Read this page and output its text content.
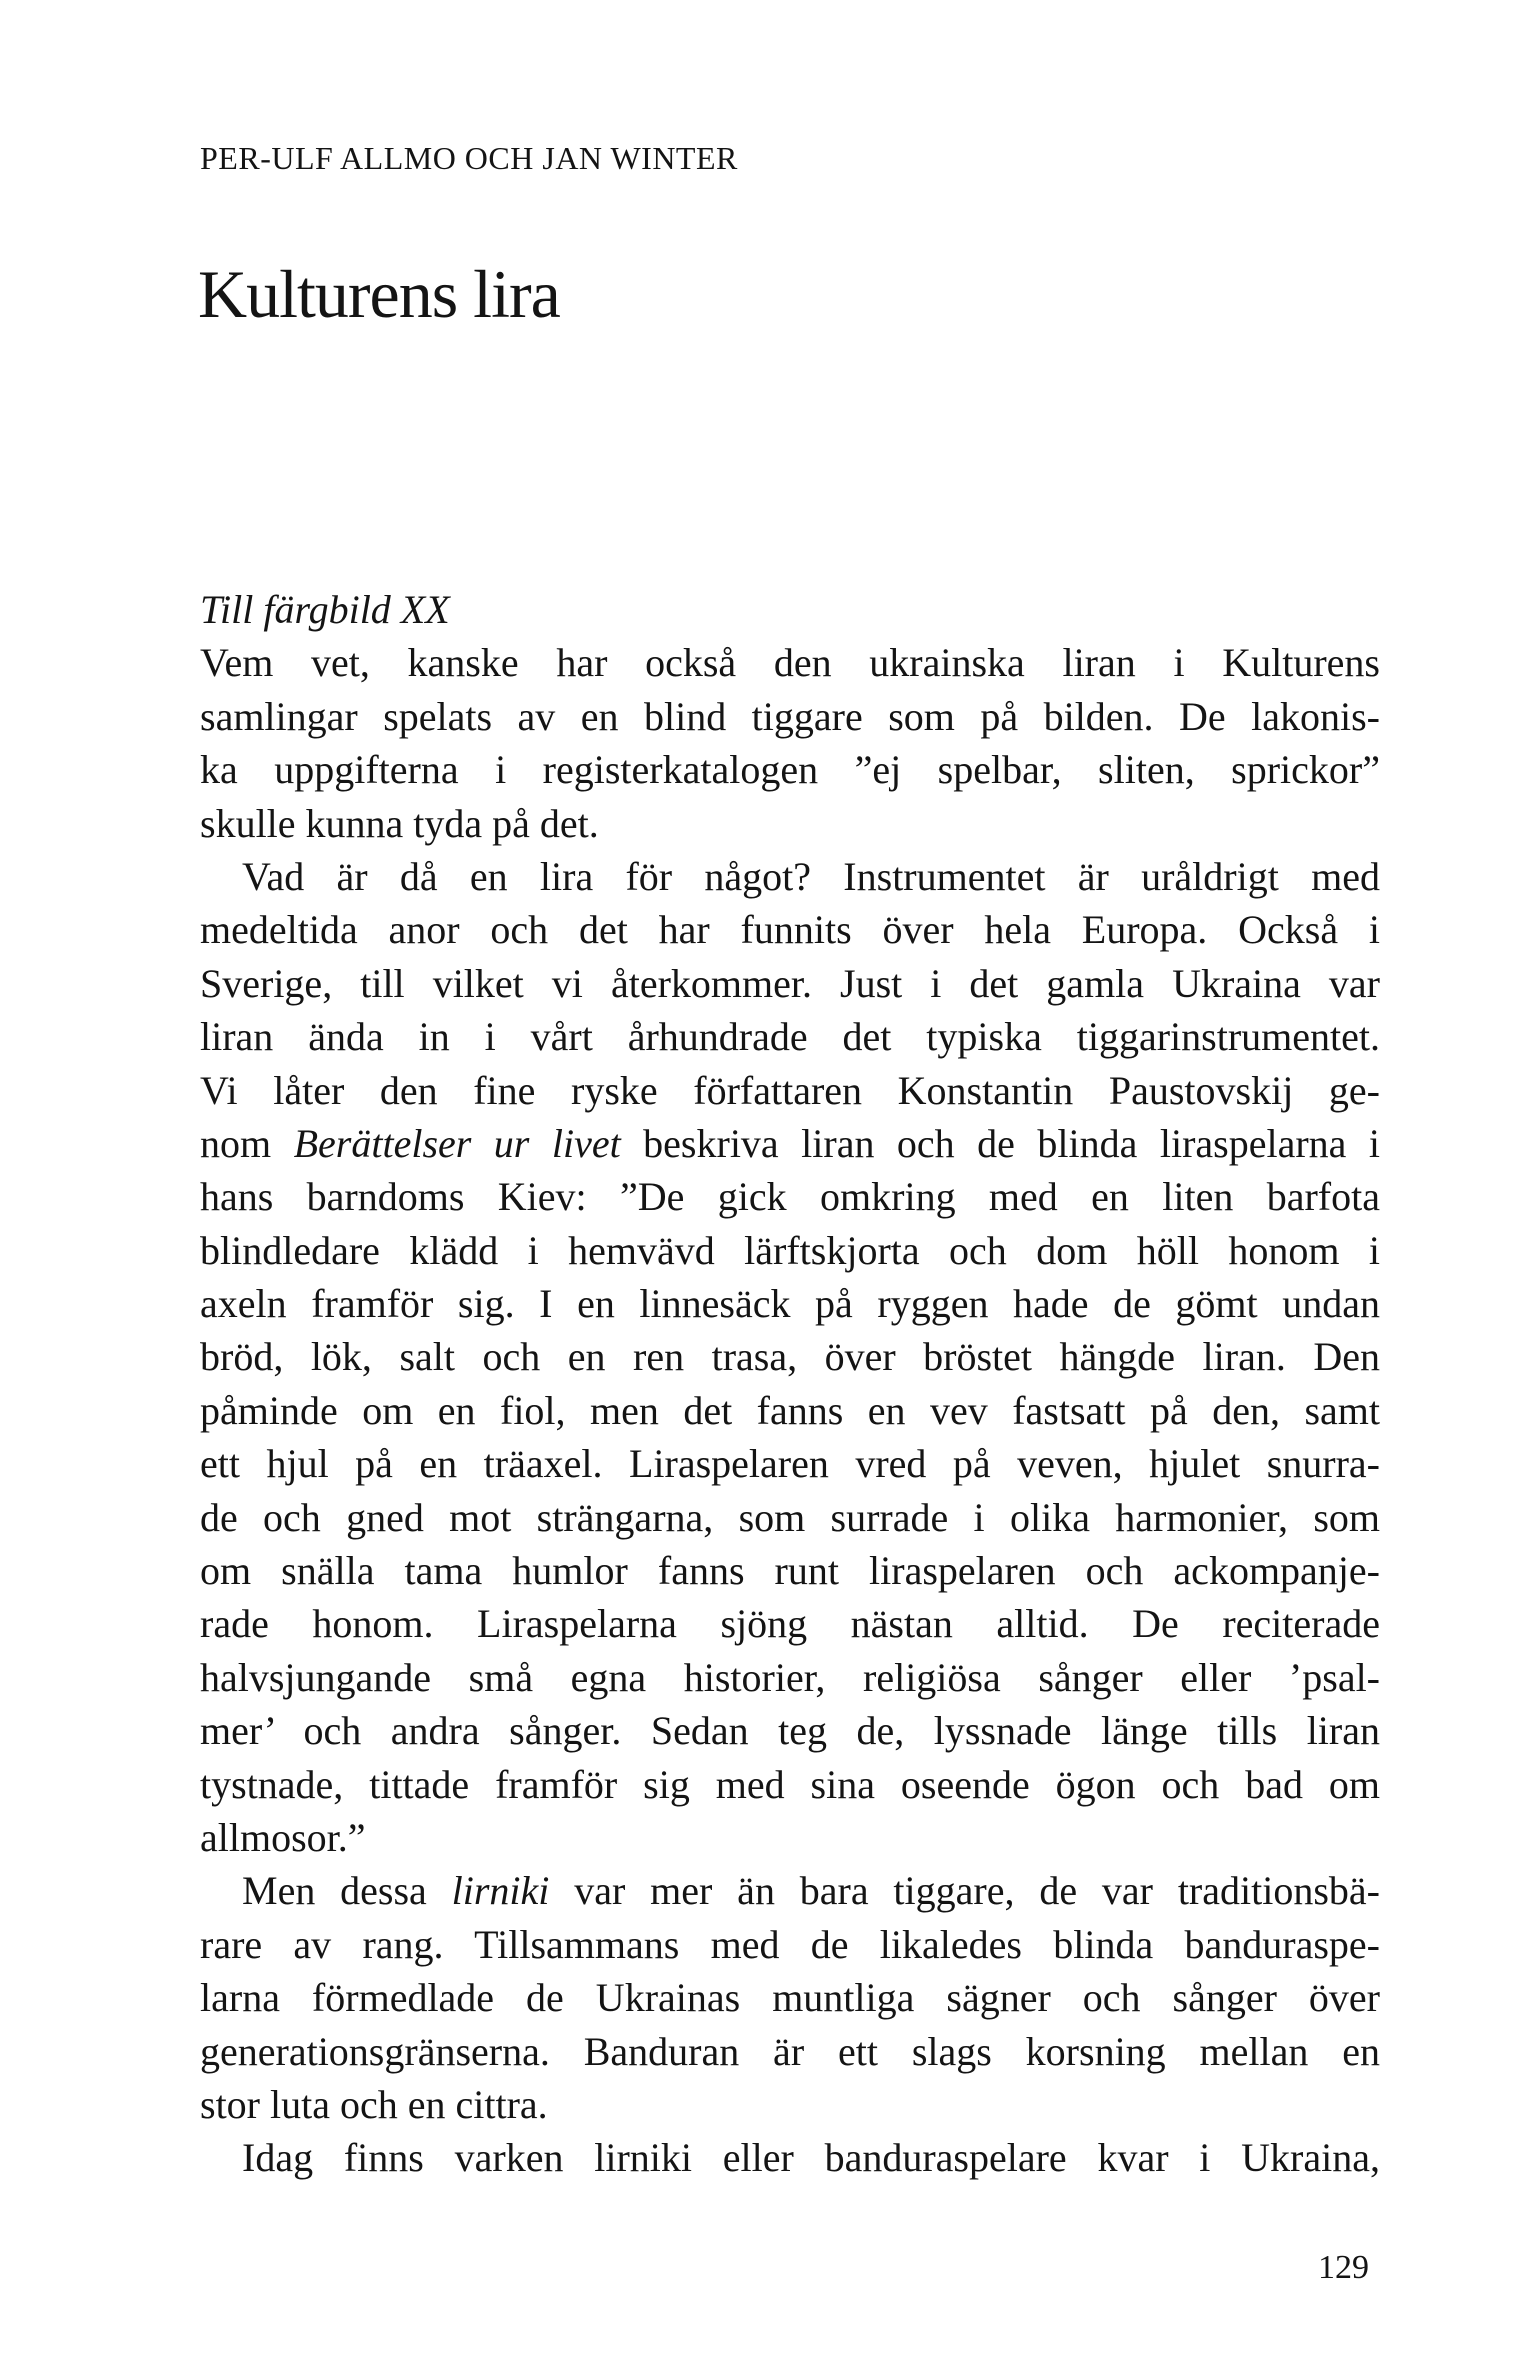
PER-ULF ALLMO OCH JAN WINTER
Kulturens lira
Till färgbild XX
Vem vet, kanske har också den ukrainska liran i Kulturens
samlingar spelats av en blind tiggare som på bilden. De lakonis-
ka uppgifterna i registerkatalogen ”ej spelbar, sliten, sprickor”
skulle kunna tyda på det.
Vad är då en lira för något? Instrumentet är uråldrigt med
medeltida anor och det har funnits över hela Europa. Också i
Sverige, till vilket vi återkommer. Just i det gamla Ukraina var
liran ända in i vårt århundrade det typiska tiggarinstrumentet.
Vi låter den fine ryske författaren Konstantin Paustovskij ge-
nom Berättelser ur livet beskriva liran och de blinda liraspelarna i
hans barndoms Kiev: ”De gick omkring med en liten barfota
blindledare klädd i hemvävd lärftskjorta och dom höll honom i
axeln framför sig. I en linnesäck på ryggen hade de gömt undan
bröd, lök, salt och en ren trasa, över bröstet hängde liran. Den
påminde om en fiol, men det fanns en vev fastsatt på den, samt
ett hjul på en träaxel. Liraspelaren vred på veven, hjulet snurra-
de och gned mot strängarna, som surrade i olika harmonier, som
om snälla tama humlor fanns runt liraspelaren och ackompanje-
rade honom. Liraspelarna sjöng nästan alltid. De reciterade
halvsjungande små egna historier, religiösa sånger eller ’psal-
mer’ och andra sånger. Sedan teg de, lyssnade länge tills liran
tystnade, tittade framför sig med sina oseende ögon och bad om
allmosor.”
Men dessa lirniki var mer än bara tiggare, de var traditionsbä-
rare av rang. Tillsammans med de likaledes blinda banduraspe-
larna förmedlade de Ukrainas muntliga sägner och sånger över
generationsgränserna. Banduran är ett slags korsning mellan en
stor luta och en cittra.
Idag finns varken lirniki eller banduraspelare kvar i Ukraina,
129
